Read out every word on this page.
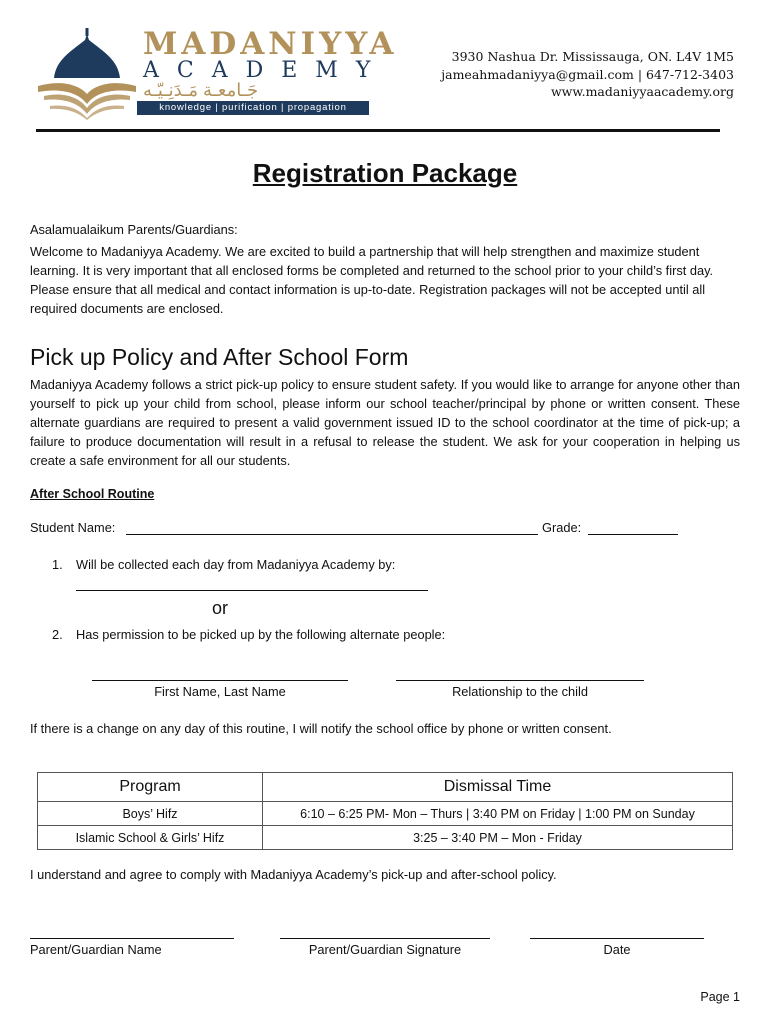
MADANIYYA
ACADEMY
جَـامعـة مَـدَنِـيّـه
knowledge | purification | propagation
3930 Nashua Dr. Mississauga, ON. L4V 1M5
jameahmadaniyya@gmail.com | 647-712-3403
www.madaniyyaacademy.org
Registration Package

Asalamualaikum Parents/Guardians:

Welcome to Madaniyya Academy. We are excited to build a partnership that will help strengthen and maximize student learning. It is very important that all enclosed forms be completed and returned to the school prior to your child’s first day. Please ensure that all medical and contact information is up-to-date. Registration packages will not be accepted until all required documents are enclosed.

Pick up Policy and After School Form

Madaniyya Academy follows a strict pick-up policy to ensure student safety. If you would like to arrange for anyone other than yourself to pick up your child from school, please inform our school teacher/principal by phone or written consent. These alternate guardians are required to present a valid government issued ID to the school coordinator at the time of pick-up; a failure to produce documentation will result in a refusal to release the student. We ask for your cooperation in helping us create a safe environment for all our students.

After School Routine
Student Name:	Grade:
1. Will be collected each day from Madaniyya Academy by:
or
2. Has permission to be picked up by the following alternate people:
First Name, Last Name	Relationship to the child
If there is a change on any day of this routine, I will notify the school office by phone or written consent.
Program	Dismissal Time
Boys’ Hifz	6:10 – 6:25 PM- Mon – Thurs | 3:40 PM on Friday | 1:00 PM on Sunday
Islamic School & Girls’ Hifz	3:25 – 3:40 PM – Mon - Friday
I understand and agree to comply with Madaniyya Academy’s pick-up and after-school policy.
Parent/Guardian Name	Parent/Guardian Signature	Date
Page 1
